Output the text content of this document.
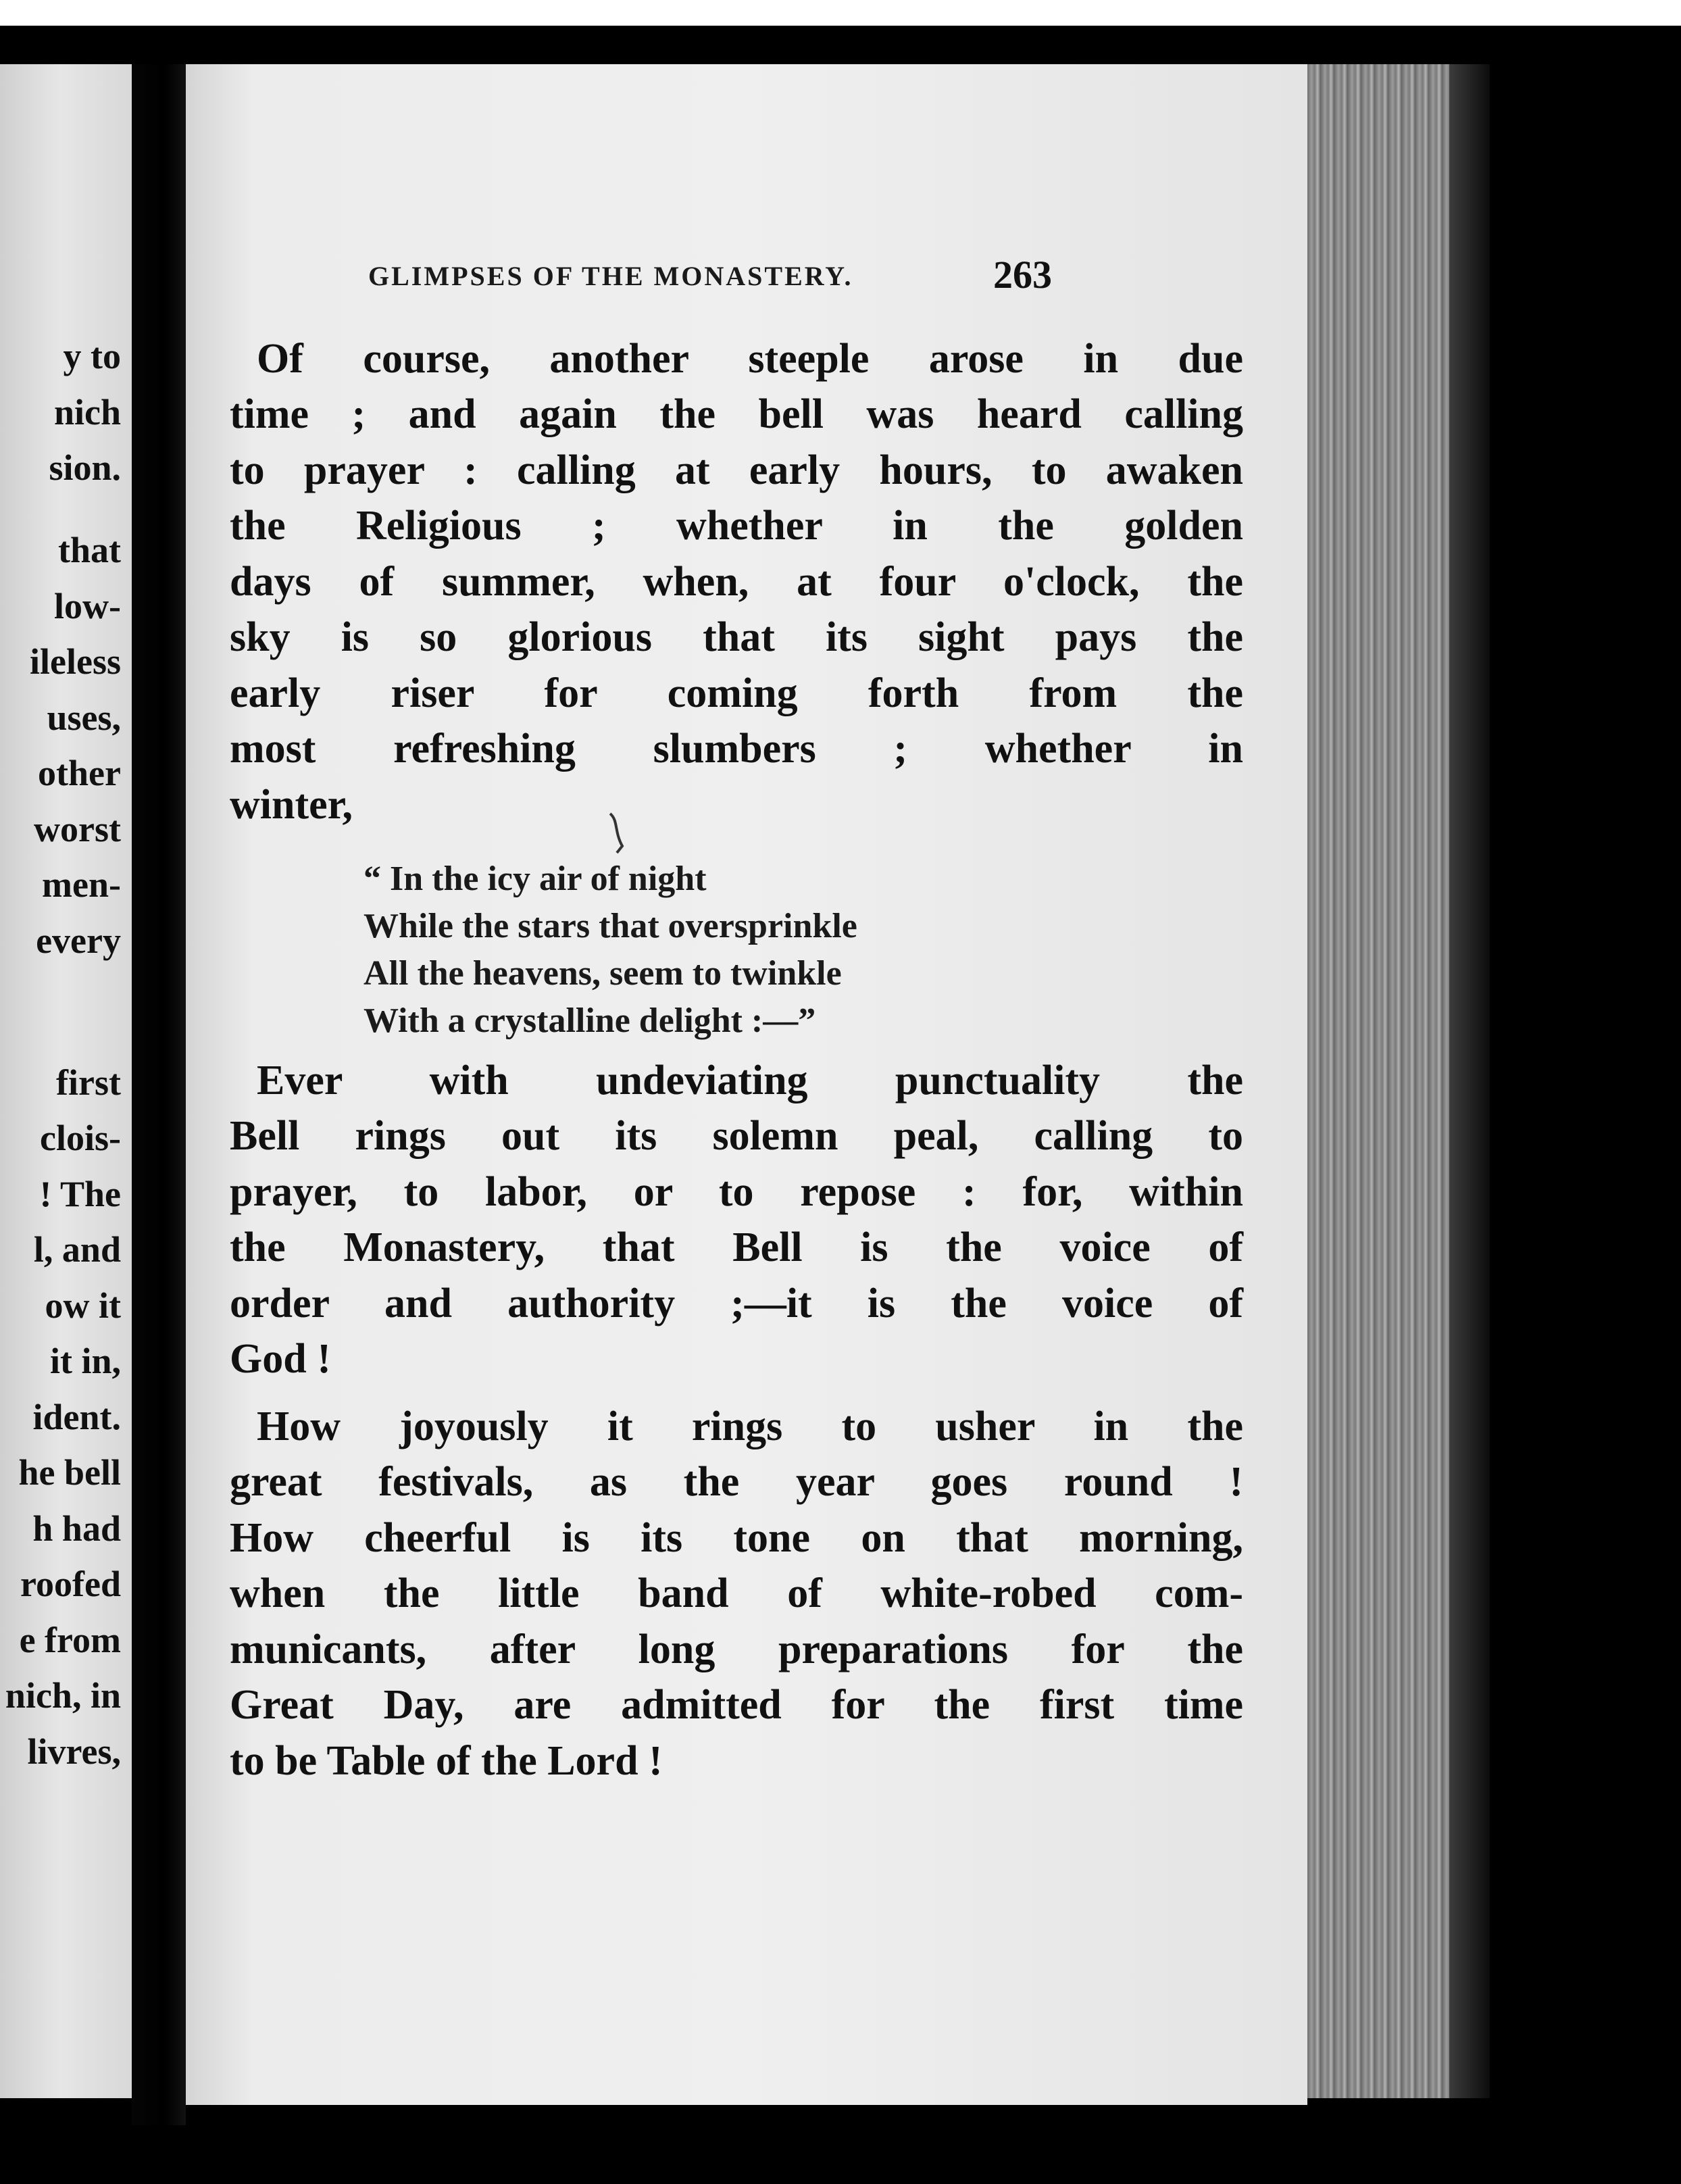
y to
nich
sion.
that
low-
ileless
uses,
other
worst
men-
every
first
clois-
! The
l, and
ow it
it in,
ident.
he bell
h had
roofed
e from
nich, in
livres,
GLIMPSES OF THE MONASTERY.	263
Of course, another steeple arose in due
time ; and again the bell was heard calling
to prayer : calling at early hours, to awaken
the Religious ; whether in the golden
days of summer, when, at four o'clock, the
sky is so glorious that its sight pays the
early riser for coming forth from the
most refreshing slumbers ; whether in
winter,
“ In the icy air of night
While the stars that oversprinkle
All the heavens, seem to twinkle
With a crystalline delight :—”
Ever with undeviating punctuality the
Bell rings out its solemn peal, calling to
prayer, to labor, or to repose : for, within
the Monastery, that Bell is the voice of
order and authority ;—it is the voice of
God !
How joyously it rings to usher in the
great festivals, as the year goes round !
How cheerful is its tone on that morning,
when the little band of white-robed com-
municants, after long preparations for the
Great Day, are admitted for the first time
to be Table of the Lord !
